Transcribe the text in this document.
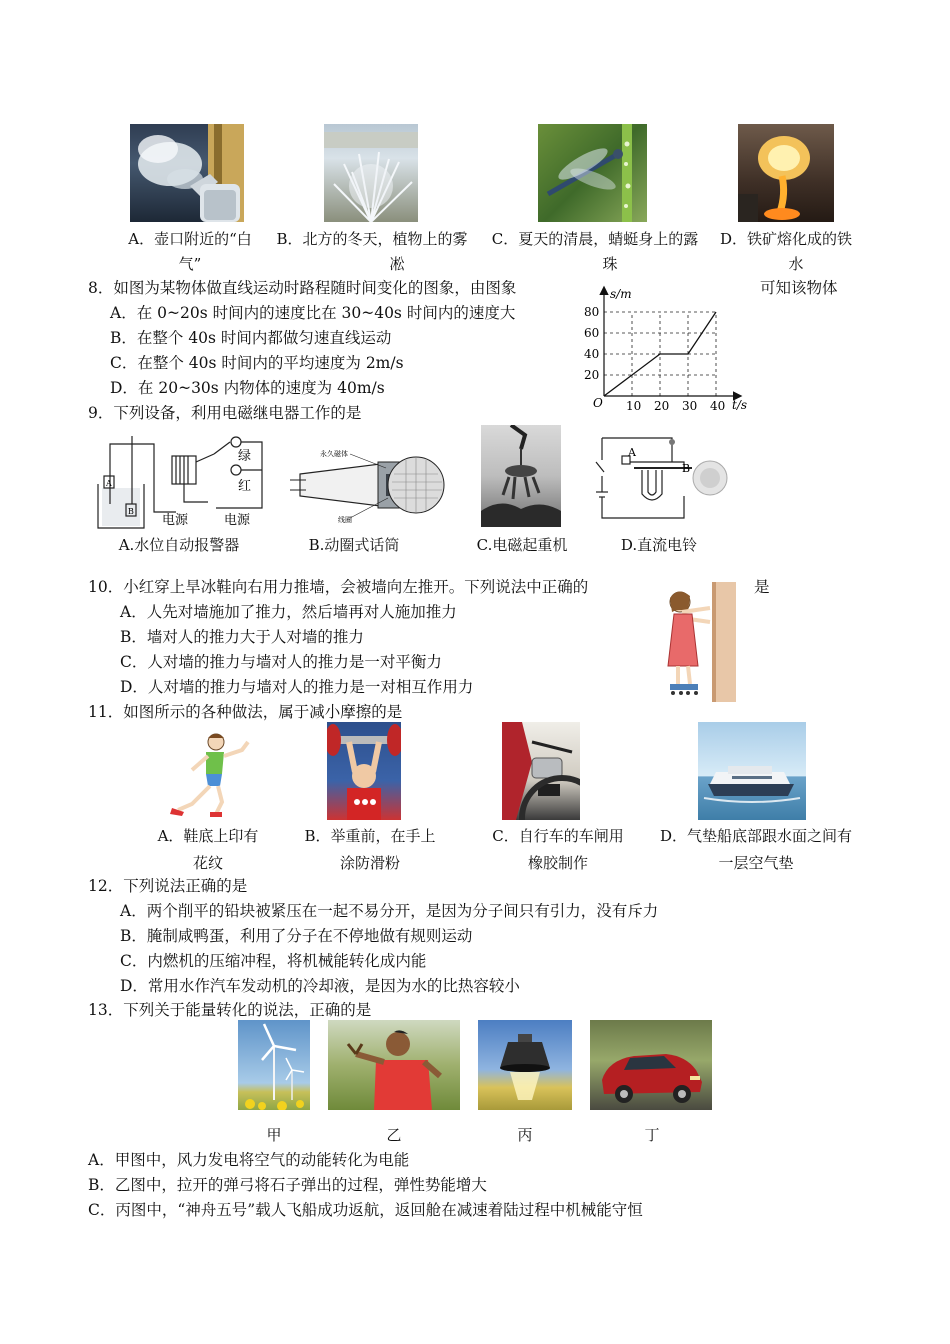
A．壶口附近的“白
气”
B．北方的冬天，植物上的雾
凇
C．夏天的清晨，蜻蜓身上的露
珠
D．铁矿熔化成的铁
水
8．如图为某物体做直线运动时路程随时间变化的图象，由图象	可知该物体
A．在 0~20s 时间内的速度比在 30~40s 时间内的速度大
B．在整个 40s 时间内都做匀速直线运动
C．在整个 40s 时间内的平均速度为 2m/s
D．在 20~30s 内物体的速度为 40m/s
10 20 30 40
20
40
60
80
s/m
t/s
O
9．下列设备，利用电磁继电器工作的是
A
B
绿
红
电源	电源
永久磁体
线圈
A
B
A.水位自动报警器	B.动圈式话筒	C.电磁起重机	D.直流电铃
10．小红穿上旱冰鞋向右用力推墙，会被墙向左推开。下列说法中正确的	是
A．人先对墙施加了推力，然后墙再对人施加推力
B．墙对人的推力大于人对墙的推力
C．人对墙的推力与墙对人的推力是一对平衡力
D．人对墙的推力与墙对人的推力是一对相互作用力
11．如图所示的各种做法，属于减小摩擦的是
A．鞋底上印有
花纹
B．举重前，在手上
涂防滑粉
C．自行车的车闸用
橡胶制作
D．气垫船底部跟水面之间有
一层空气垫
12．下列说法正确的是
A．两个削平的铅块被紧压在一起不易分开，是因为分子间只有引力，没有斥力
B．腌制咸鸭蛋，利用了分子在不停地做有规则运动
C．内燃机的压缩冲程，将机械能转化成内能
D．常用水作汽车发动机的冷却液，是因为水的比热容较小
13．下列关于能量转化的说法，正确的是
甲	乙	丙	丁
A．甲图中，风力发电将空气的动能转化为电能
B．乙图中，拉开的弹弓将石子弹出的过程，弹性势能增大
C．丙图中，“神舟五号”载人飞船成功返航，返回舱在减速着陆过程中机械能守恒
